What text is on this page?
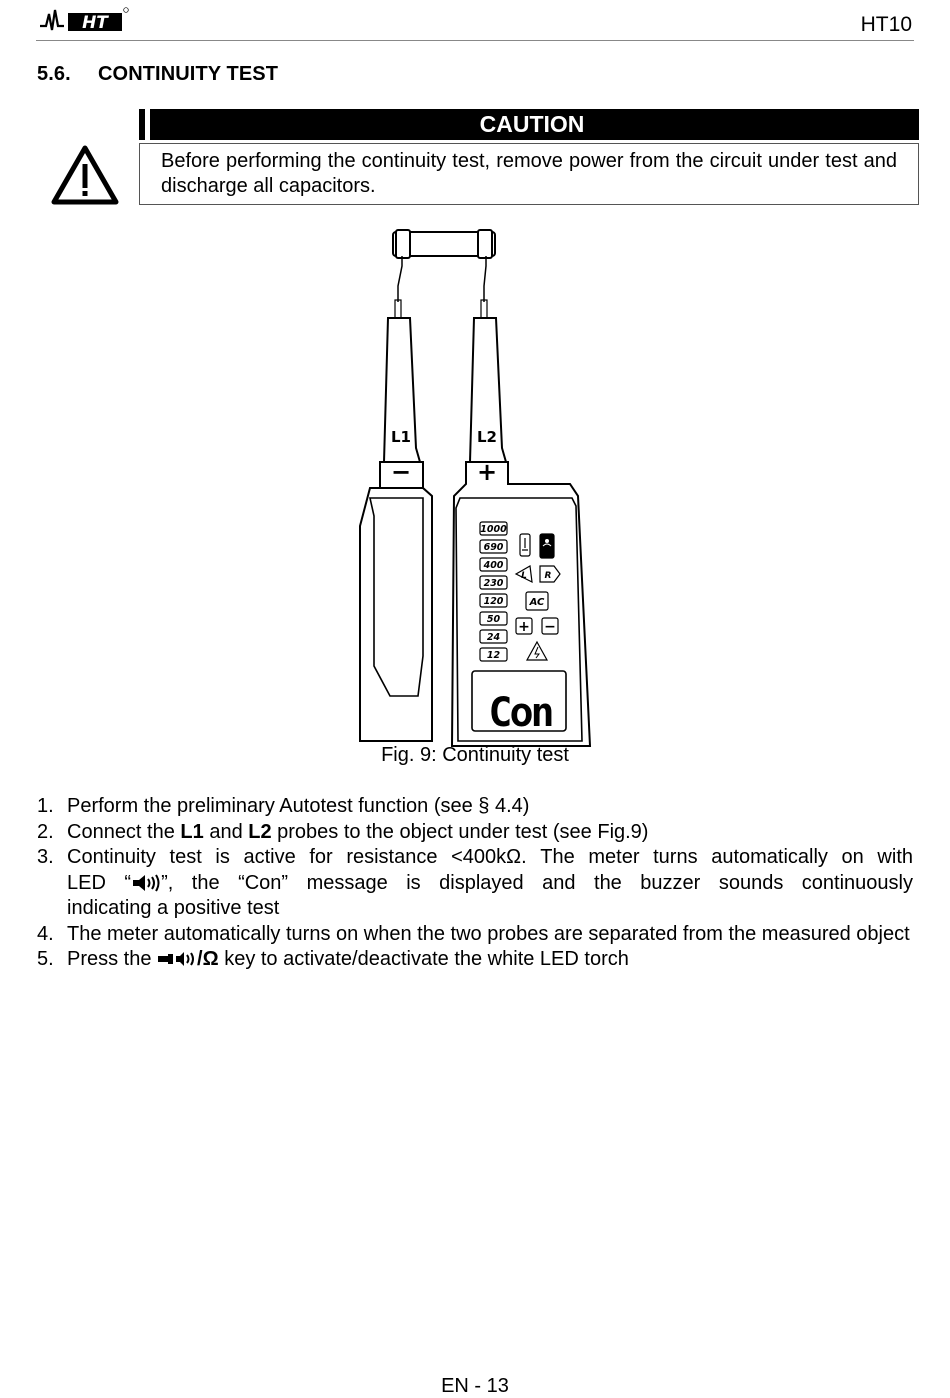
HT	HT10
5.6. CONTINUITY TEST
CAUTION
Before performing the continuity test, remove power from the circuit under test and discharge all capacitors.
L1	L2
−	+
1000
690
400
230
120
50
24
12
L R
AC
+ −
Con
Fig. 9: Continuity test
1. Perform the preliminary Autotest function (see § 4.4)
2. Connect the L1 and L2 probes to the object under test (see Fig.9)
3. Continuity test is active for resistance <400kΩ. The meter turns automatically on with
LED “ ”, the “Con” message is displayed and the buzzer sounds continuously
indicating a positive test
4. The meter automatically turns on when the two probes are separated from the measured object
5. Press the /Ω key to activate/deactivate the white LED torch
EN - 13
